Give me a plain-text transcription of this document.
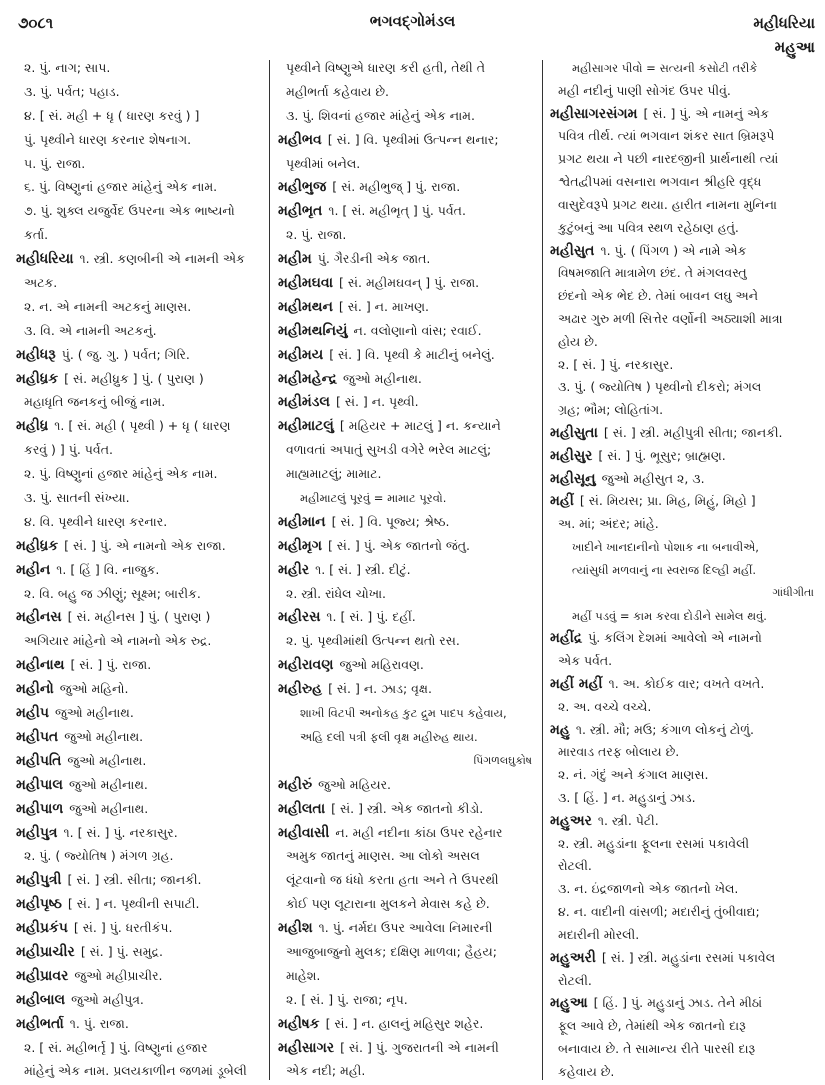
૭૦૮૧	ભગવદ્ગોમંડલ	મહીધરિયા
મહુઆ
૨. પું. નાગ; સાપ.
૩. પું. પર્વત; પહાડ.
૪. [ સં. મહી + ધૃ ( ધારણ કરવું ) ]
પું. પૃથ્વીને ધારણ કરનાર શેષનાગ.
૫. પું. રાજા.
૬. પું. વિષ્ણુનાં હજાર માંહેનું એક નામ.
૭. પું. શુક્લ યજુર્વેદ ઉપરના એક ભાષ્યનો
કર્તા.
મહીધરિયા ૧. સ્ત્રી. કણબીની એ નામની એક
અટક.
૨. ન. એ નામની અટકનું માણસ.
૩. વિ. એ નામની અટકનું.
મહીધરૂ પું. ( જુ. ગુ. ) પર્વત; ગિરિ.
મહીધ્રક [ સં. મહીધ્રુક ] પું. ( પુરાણ )
મહાધૃતિ જનકનું બીજું નામ.
મહીધ્ર ૧. [ સં. મહી ( પૃથ્વી ) + ધૃ ( ધારણ
કરવું ) ] પું. પર્વત.
૨. પું. વિષ્ણુનાં હજાર માંહેનું એક નામ.
૩. પું. સાતની સંખ્યા.
૪. વિ. પૃથ્વીને ધારણ કરનાર.
મહીધ્રક [ સં. ] પું. એ નામનો એક રાજા.
મહીન ૧. [ હિં ] વિ. નાજુક.
૨. વિ. બહુ જ ઝીણું; સૂક્ષ્મ; બારીક.
મહીનસ [ સં. મહીનસ ] પું. ( પુરાણ )
અગિયાર માંહેનો એ નામનો એક રુદ્ર.
મહીનાથ [ સં. ] પું. રાજા.
મહીનો જુઓ મહિનો.
મહીપ જુઓ મહીનાથ.
મહીપત જુઓ મહીનાથ.
મહીપતિ જુઓ મહીનાથ.
મહીપાલ જુઓ મહીનાથ.
મહીપાળ જુઓ મહીનાથ.
મહીપુત્ર ૧. [ સં. ] પું. નરકાસુર.
૨. પું. ( જ્યોતિષ ) મંગળ ગ્રહ.
મહીપુત્રી [ સં. ] સ્ત્રી. સીતા; જાનકી.
મહીપૃષ્ઠ [ સં. ] ન. પૃથ્વીની સપાટી.
મહીપ્રકંપ [ સં. ] પું. ધરતીકંપ.
મહીપ્રાચીર [ સં. ] પું. સમુદ્ર.
મહીપ્રાવર જુઓ મહીપ્રાચીર.
મહીબાલ જુઓ મહીપુત્ર.
મહીભર્તા ૧. પું. રાજા.
૨. [ સં. મહીભર્તૃ ] પું. વિષ્ણુનાં હજાર
માંહેનું એક નામ. પ્રલયકાળીન જળમાં ડૂબેલી
પૃથ્વીને વિષ્ણુએ ધારણ કરી હતી, તેથી તે
મહીભર્તા કહેવાય છે.
૩. પું. શિવનાં હજાર માંહેનું એક નામ.
મહીભવ [ સં. ] વિ. પૃથ્વીમાં ઉત્પન્ન થનાર;
પૃથ્વીમાં બનેલ.
મહીભુજ [ સં. મહીભુજ્ ] પું. રાજા.
મહીભૃત ૧. [ સં. મહીભૃત્ ] પું. પર્વત.
૨. પું. રાજા.
મહીમ પું. ગૈરડીની એક જાત.
મહીમઘવા [ સં. મહીમઘવન્ ] પું. રાજા.
મહીમથન [ સં. ] ન. માખણ.
મહીમથનિયું ન. વલોણાનો વાંસ; રવાઈ.
મહીમય [ સં. ] વિ. પૃથ્વી કે માટીનું બનેલું.
મહીમહેન્દ્ર જુઓ મહીનાથ.
મહીમંડલ [ સં. ] ન. પૃથ્વી.
મહીમાટલું [ મહિયર + માટલું ] ન. કન્યાને
વળાવતાં અપાતું સુખડી વગેરે ભરેલ માટલું;
માહ્યમાટલું; મામાટ.
મહીમાટલું પૂરવું = મામાટ પૂરવો.
મહીમાન [ સં. ] વિ. પૂજ્ય; શ્રેષ્ઠ.
મહીમૃગ [ સં. ] પું. એક જાતનો જંતુ.
મહીર ૧. [ સં. ] સ્ત્રી. દીટું.
૨. સ્ત્રી. રાંધેલ ચોખા.
મહીરસ ૧. [ સં. ] પું. દહીં.
૨. પું. પૃથ્વીમાંથી ઉત્પન્ન થતો રસ.
મહીરાવણ જુઓ મહિરાવણ.
મહીરુહ [ સં. ] ન. ઝાડ; વૃક્ષ.
શાખી વિટપી અનોકહ કુટ દ્રુમ પાદપ કહેવાય,
અહિ દલી પત્રી ફલી વૃક્ષ મહીરુહ થાય.
પિંગળલઘુકોષ
મહીરું જુઓ મહિયર.
મહીલતા [ સં. ] સ્ત્રી. એક જાતનો કીડો.
મહીવાસી ન. મહી નદીના કાંઠા ઉપર રહેનાર
અમુક જાતનું માણસ. આ લોકો અસલ
લૂંટવાનો જ ધંધો કરતા હતા અને તે ઉપરથી
કોઈ પણ લૂટારાના મુલકને મેવાસ કહે છે.
મહીશ ૧. પું. નર્મદા ઉપર આવેલા નિમારની
આજુબાજુનો મુલક; દક્ષિણ માળવા; હૈહય;
માહેશ.
૨. [ સં. ] પું. રાજા; નૃપ.
મહીષક [ સં. ] ન. હાલનું મહિસુર શહેર.
મહીસાગર [ સં. ] પું. ગુજરાતની એ નામની
એક નદી; મહી.
મહીસાગર પીવો = સત્યની કસોટી તરીકે
મહી નદીનું પાણી સોગંદ ઉપર પીવું.
મહીસાગરસંગમ [ સં. ] પું. એ નામનું એક
પવિત્ર તીર્થ. ત્યાં ભગવાન શંકર સાત બ્રિમરૂપે
પ્રગટ થયા ને પછી નારદજીની પ્રાર્થનાથી ત્યાં
શ્વેતદ્વીપમાં વસનારા ભગવાન શ્રીહરિ વૃદ્ધ
વાસુદેવરૂપે પ્રગટ થયા. હારીત નામના મુનિના
કુટુંબનું આ પવિત્ર સ્થળ રહેઠાણ હતું.
મહીસુત ૧. પું. ( પિંગળ ) એ નામે એક
વિષમજાતિ માત્રામેળ છંદ. તે મંગલવસ્તુ
છંદનો એક ભેદ છે. તેમાં બાવન લઘુ અને
અઢાર ગુરુ મળી સિત્તેર વર્ણોની અઠ્યાશી માત્રા
હોય છે.
૨. [ સં. ] પું. નરકાસુર.
૩. પું. ( જ્યોતિષ ) પૃથ્વીનો દીકરો; મંગલ
ગ્રહ; ભૌમ; લોહિતાંગ.
મહીસુતા [ સં. ] સ્ત્રી. મહીપુત્રી સીતા; જાનકી.
મહીસુર [ સં. ] પું. ભૂસુર; બ્રાહ્મણ.
મહીસૂનુ જુઓ મહીસુત ૨, ૩.
મહીં [ સં. મિયસ; પ્રા. મિહ, મિહું, મિહો ]
અ. માં; અંદર; માંહે.
ખાદીને ખાનદાનીનો પોશાક ના બનાવીએ,
ત્યાંસુધી મળવાનું ના સ્વરાજ દિલ્હી મહીં.
ગાંધીગીતા
મહીં પડવું = કામ કરવા દોડીને સામેલ થવું.
મહીંદ્ર પું. કલિંગ દેશમાં આવેલો એ નામનો
એક પર્વત.
મહીં મહીં ૧. અ. કોઈક વાર; વખતે વખતે.
૨. અ. વચ્ચે વચ્ચે.
મહુ ૧. સ્ત્રી. મૌ; મઉ; કંગાળ લોકનું ટોળું.
મારવાડ તરફ બોલાય છે.
૨. નં. ગંદું અને કંગાલ માણસ.
૩. [ હિં. ] ન. મહુડાનું ઝાડ.
મહુઅર ૧. સ્ત્રી. પેટી.
૨. સ્ત્રી. મહુડાંના ફૂલના રસમાં પકાવેલી
રોટલી.
૩. ન. ઇંદ્રજાળનો એક જાતનો ખેલ.
૪. ન. વાદીની વાંસળી; મદારીનું તુંબીવાદ્ય;
મદારીની મોરલી.
મહુઅરી [ સં. ] સ્ત્રી. મહુડાંના રસમાં પકાવેલ
રોટલી.
મહુઆ [ હિં. ] પું. મહુડાનું ઝાડ. તેને મીઠાં
ફૂલ આવે છે, તેમાંથી એક જાતનો દારૂ
બનાવાય છે. તે સામાન્ય રીતે પારસી દારૂ
કહેવાય છે.
